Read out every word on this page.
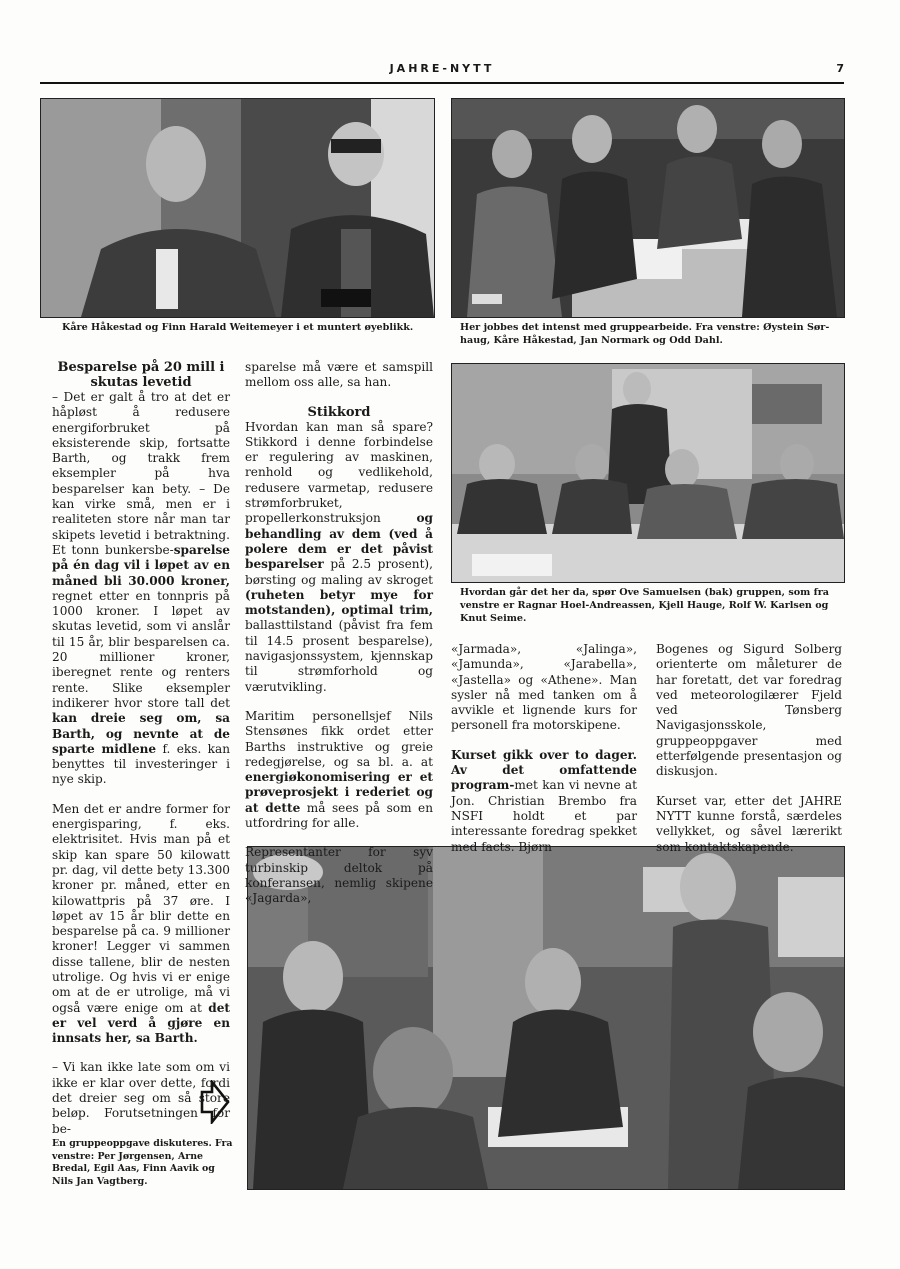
JAHRE-NYTT	7
Kåre Håkestad og Finn Harald Weitemeyer i et muntert øyeblikk.	Her jobbes det intenst med gruppearbeide. Fra venstre: Øystein Sør-haug, Kåre Håkestad, Jan Normark og Odd Dahl.
Hvordan går det her da, spør Ove Samuelsen (bak) gruppen, som fra venstre er Ragnar Hoel-Andreassen, Kjell Hauge, Rolf W. Karlsen og Knut Seime.
En gruppeoppgave diskuteres. Fra venstre: Per Jørgensen, Arne Bredal, Egil Aas, Finn Aavik og Nils Jan Vagtberg.
Besparelse på 20 mill i skutas levetid

– Det er galt å tro at det er håpløst å redusere energiforbruket på eksisterende skip, fortsatte Barth, og trakk frem eksempler på hva besparelser kan bety. – De kan virke små, men er i realiteten store når man tar skipets levetid i betraktning. Et tonn bunkersbe-sparelse på én dag vil i løpet av en måned bli 30.000 kroner, regnet etter en tonnpris på 1000 kroner. I løpet av skutas levetid, som vi anslår til 15 år, blir besparelsen ca. 20 millioner kroner, iberegnet rente og renters rente. Slike eksempler indikerer hvor store tall det kan dreie seg om, sa Barth, og nevnte at de sparte midlene f. eks. kan benyttes til investeringer i nye skip.

Men det er andre former for energisparing, f. eks. elektrisitet. Hvis man på et skip kan spare 50 kilowatt pr. dag, vil dette bety 13.300 kroner pr. måned, etter en kilowattpris på 37 øre. I løpet av 15 år blir dette en besparelse på ca. 9 millioner kroner! Legger vi sammen disse tallene, blir de nesten utrolige. Og hvis vi er enige om at de er utrolige, må vi også være enige om at det er vel verd å gjøre en innsats her, sa Barth.

– Vi kan ikke late som om vi ikke er klar over dette, fordi det dreier seg om så store beløp. Forutsetningen for be-

sparelse må være et samspill mellom oss alle, sa han.

Stikkord

Hvordan kan man så spare? Stikkord i denne forbindelse er regulering av maskinen, renhold og vedlikehold, redusere varmetap, redusere strømforbruket, propellerkonstruksjon og behandling av dem (ved å polere dem er det påvist besparelser på 2.5 prosent), børsting og maling av skroget (ruheten betyr mye for motstanden), optimal trim, ballasttilstand (påvist fra fem til 14.5 prosent besparelse), navigasjonssystem, kjennskap til strømforhold og værutvikling.

Maritim personellsjef Nils Stensønes fikk ordet etter Barths instruktive og greie redegjørelse, og sa bl. a. at energiøkonomisering er et prøveprosjekt i rederiet og at dette må sees på som en utfordring for alle.

Representanter for syv turbinskip deltok på konferansen, nemlig skipene «Jagarda»,

«Jarmada», «Jalinga», «Jamunda», «Jarabella», «Jastella» og «Athene». Man sysler nå med tanken om å avvikle et lignende kurs for personell fra motorskipene.

Kurset gikk over to dager. Av det omfattende program-met kan vi nevne at Jon. Christian Brembo fra NSFI holdt et par interessante foredrag spekket med facts. Bjørn

Bogenes og Sigurd Solberg orienterte om måleturer de har foretatt, det var foredrag ved meteorologilærer Fjeld ved Tønsberg Navigasjonsskole, gruppeoppgaver med etterfølgende presentasjon og diskusjon.

Kurset var, etter det JAHRE NYTT kunne forstå, særdeles vellykket, og såvel lærerikt som kontaktskapende.
